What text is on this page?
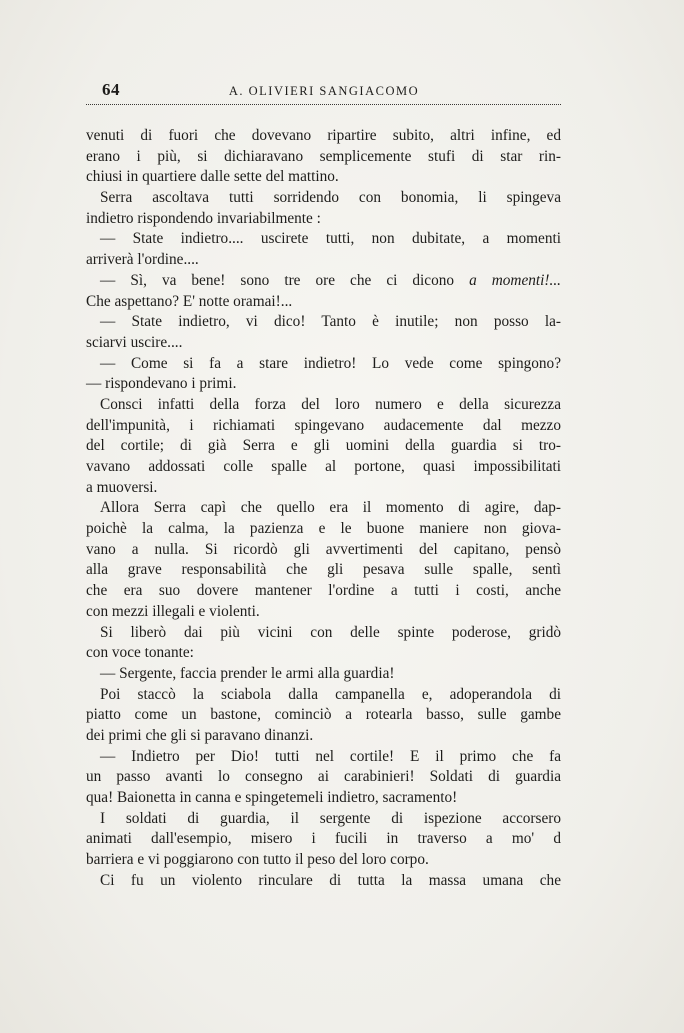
64	A. OLIVIERI SANGIACOMO
venuti di fuori che dovevano ripartire subito, altri infine, ed
erano i più, si dichiaravano semplicemente stufi di star rin-
chiusi in quartiere dalle sette del mattino.
Serra ascoltava tutti sorridendo con bonomia, li spingeva
indietro rispondendo invariabilmente :
— State indietro.... uscirete tutti, non dubitate, a momenti
arriverà l'ordine....
— Sì, va bene! sono tre ore che ci dicono a momenti!...
Che aspettano? E' notte oramai!...
— State indietro, vi dico! Tanto è inutile; non posso la-
sciarvi uscire....
— Come si fa a stare indietro! Lo vede come spingono?
— rispondevano i primi.
Consci infatti della forza del loro numero e della sicurezza
dell'impunità, i richiamati spingevano audacemente dal mezzo
del cortile; di già Serra e gli uomini della guardia si tro-
vavano addossati colle spalle al portone, quasi impossibilitati
a muoversi.
Allora Serra capì che quello era il momento di agire, dap-
poichè la calma, la pazienza e le buone maniere non giova-
vano a nulla. Si ricordò gli avvertimenti del capitano, pensò
alla grave responsabilità che gli pesava sulle spalle, sentì
che era suo dovere mantener l'ordine a tutti i costi, anche
con mezzi illegali e violenti.
Si liberò dai più vicini con delle spinte poderose, gridò
con voce tonante:
— Sergente, faccia prender le armi alla guardia!
Poi staccò la sciabola dalla campanella e, adoperandola di
piatto come un bastone, cominciò a rotearla basso, sulle gambe
dei primi che gli si paravano dinanzi.
— Indietro per Dio! tutti nel cortile! E il primo che fa
un passo avanti lo consegno ai carabinieri! Soldati di guardia
qua! Baionetta in canna e spingetemeli indietro, sacramento!
I soldati di guardia, il sergente di ispezione accorsero
animati dall'esempio, misero i fucili in traverso a mo' d
barriera e vi poggiarono con tutto il peso del loro corpo.
Ci fu un violento rinculare di tutta la massa umana che
